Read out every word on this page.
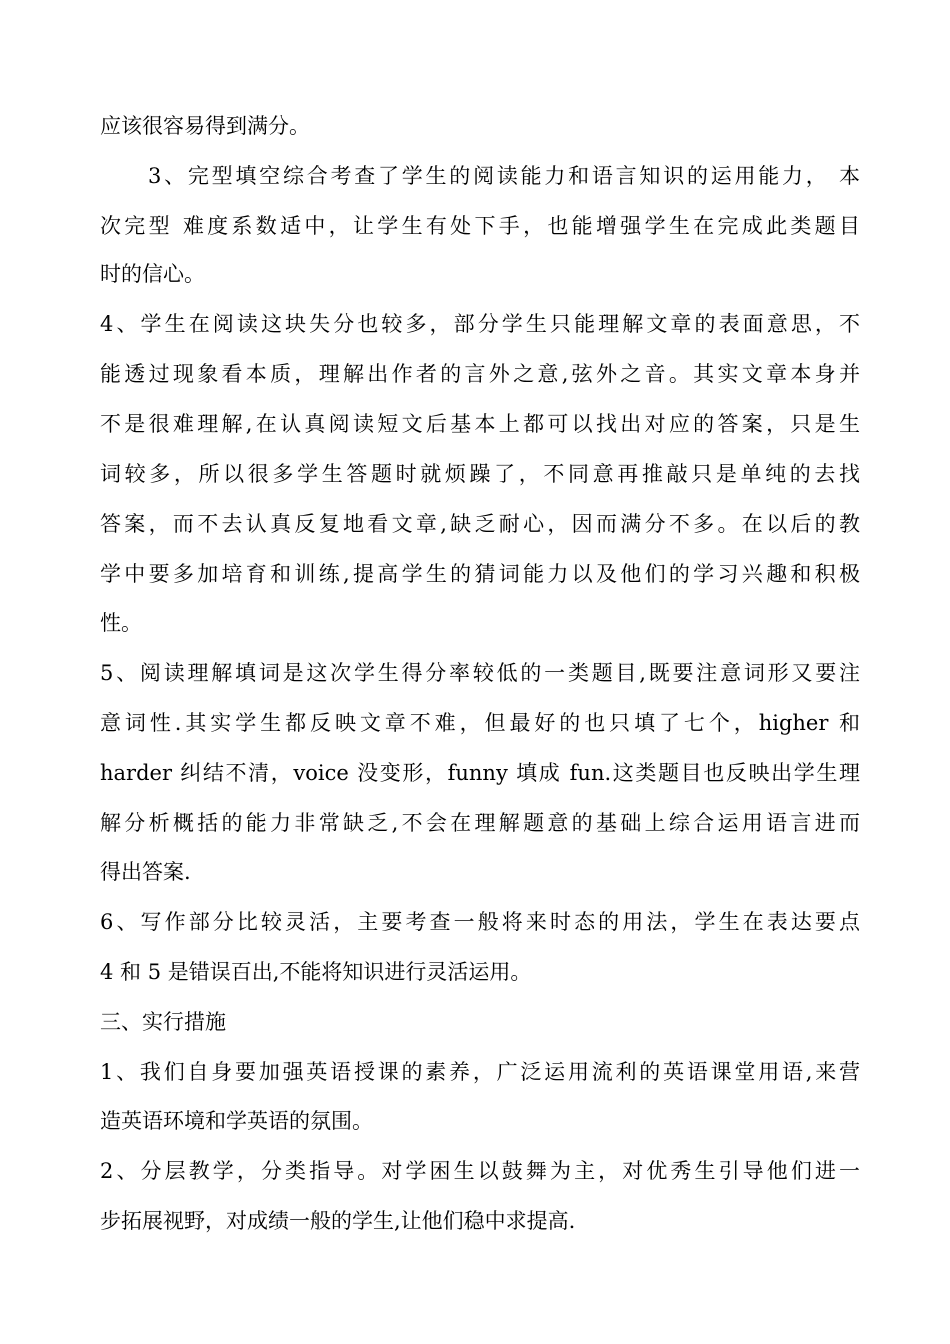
应该很容易得到满分。
3、完型填空综合考查了学生的阅读能力和语言知识的运用能力， 本
次完型 难度系数适中，让学生有处下手，也能增强学生在完成此类题目
时的信心。
4、学生在阅读这块失分也较多，部分学生只能理解文章的表面意思，不
能透过现象看本质，理解出作者的言外之意,弦外之音。其实文章本身并
不是很难理解,在认真阅读短文后基本上都可以找出对应的答案，只是生
词较多，所以很多学生答题时就烦躁了，不同意再推敲只是单纯的去找
答案，而不去认真反复地看文章,缺乏耐心，因而满分不多。在以后的教
学中要多加培育和训练,提高学生的猜词能力以及他们的学习兴趣和积极
性。
5、阅读理解填词是这次学生得分率较低的一类题目,既要注意词形又要注
意词性.其实学生都反映文章不难，但最好的也只填了七个，higher 和
harder 纠结不清，voice 没变形，funny 填成 fun.这类题目也反映出学生理
解分析概括的能力非常缺乏,不会在理解题意的基础上综合运用语言进而
得出答案.
6、写作部分比较灵活，主要考查一般将来时态的用法，学生在表达要点
4 和 5 是错误百出,不能将知识进行灵活运用。
三、实行措施
1、我们自身要加强英语授课的素养，广泛运用流利的英语课堂用语,来营
造英语环境和学英语的氛围。
2、分层教学，分类指导。对学困生以鼓舞为主，对优秀生引导他们进一
步拓展视野，对成绩一般的学生,让他们稳中求提高.
